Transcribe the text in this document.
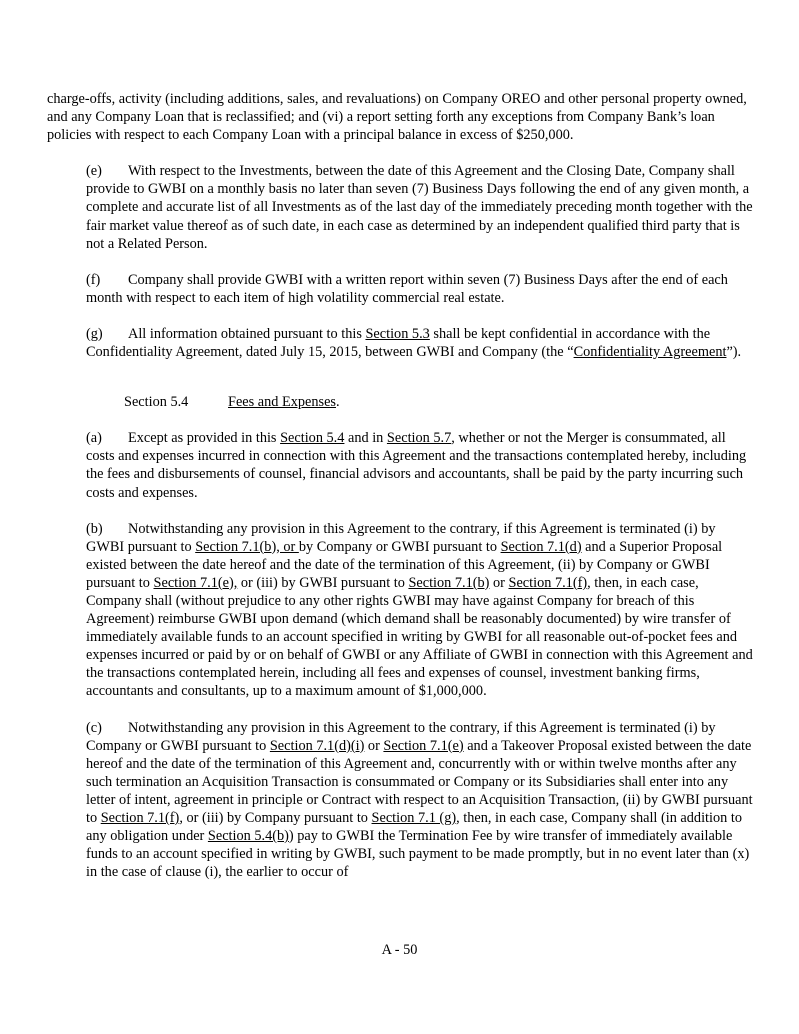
charge-offs, activity (including additions, sales, and revaluations) on Company OREO and other personal property owned, and any Company Loan that is reclassified; and (vi) a report setting forth any exceptions from Company Bank’s loan policies with respect to each Company Loan with a principal balance in excess of $250,000.

(e) With respect to the Investments, between the date of this Agreement and the Closing Date, Company shall provide to GWBI on a monthly basis no later than seven (7) Business Days following the end of any given month, a complete and accurate list of all Investments as of the last day of the immediately preceding month together with the fair market value thereof as of such date, in each case as determined by an independent qualified third party that is not a Related Person.

(f) Company shall provide GWBI with a written report within seven (7) Business Days after the end of each month with respect to each item of high volatility commercial real estate.

(g) All information obtained pursuant to this Section 5.3 shall be kept confidential in accordance with the Confidentiality Agreement, dated July 15, 2015, between GWBI and Company (the “Confidentiality Agreement”).

Section 5.4	Fees and Expenses.

(a) Except as provided in this Section 5.4 and in Section 5.7, whether or not the Merger is consummated, all costs and expenses incurred in connection with this Agreement and the transactions contemplated hereby, including the fees and disbursements of counsel, financial advisors and accountants, shall be paid by the party incurring such costs and expenses.

(b) Notwithstanding any provision in this Agreement to the contrary, if this Agreement is terminated (i) by GWBI pursuant to Section 7.1(b), or by Company or GWBI pursuant to Section 7.1(d) and a Superior Proposal existed between the date hereof and the date of the termination of this Agreement, (ii) by Company or GWBI pursuant to Section 7.1(e), or (iii) by GWBI pursuant to Section 7.1(b) or Section 7.1(f), then, in each case, Company shall (without prejudice to any other rights GWBI may have against Company for breach of this Agreement) reimburse GWBI upon demand (which demand shall be reasonably documented) by wire transfer of immediately available funds to an account specified in writing by GWBI for all reasonable out-of-pocket fees and expenses incurred or paid by or on behalf of GWBI or any Affiliate of GWBI in connection with this Agreement and the transactions contemplated herein, including all fees and expenses of counsel, investment banking firms, accountants and consultants, up to a maximum amount of $1,000,000.

(c) Notwithstanding any provision in this Agreement to the contrary, if this Agreement is terminated (i) by Company or GWBI pursuant to Section 7.1(d)(i) or Section 7.1(e) and a Takeover Proposal existed between the date hereof and the date of the termination of this Agreement and, concurrently with or within twelve months after any such termination an Acquisition Transaction is consummated or Company or its Subsidiaries shall enter into any letter of intent, agreement in principle or Contract with respect to an Acquisition Transaction, (ii) by GWBI pursuant to Section 7.1(f), or (iii) by Company pursuant to Section 7.1 (g), then, in each case, Company shall (in addition to any obligation under Section 5.4(b)) pay to GWBI the Termination Fee by wire transfer of immediately available funds to an account specified in writing by GWBI, such payment to be made promptly, but in no event later than (x) in the case of clause (i), the earlier to occur of

A - 50
